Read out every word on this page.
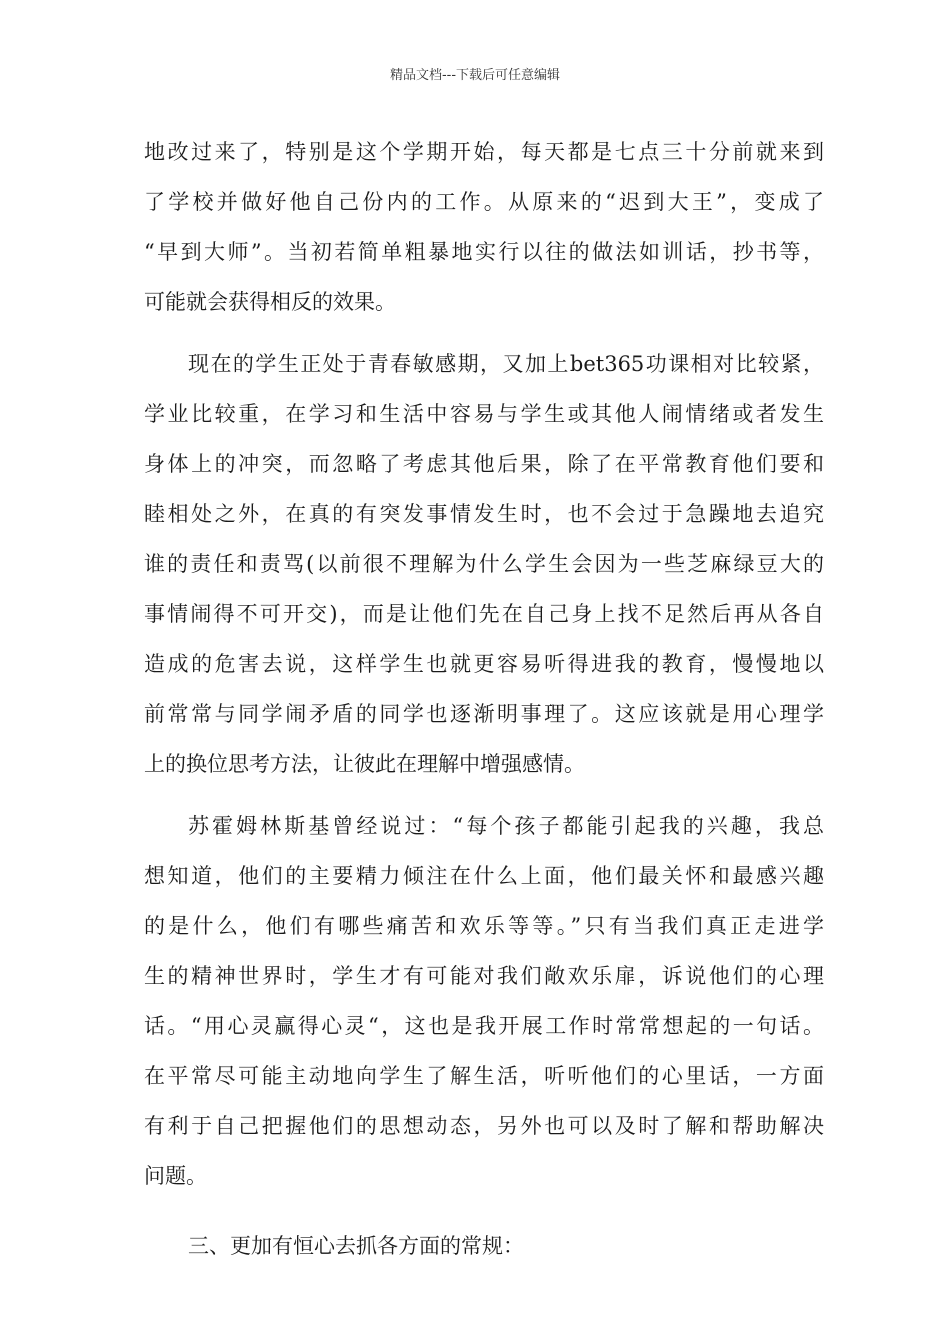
精品文档---下载后可任意编辑
地改过来了，特别是这个学期开始，每天都是七点三十分前就来到
了学校并做好他自己份内的工作。从原来的“迟到大王”，变成了
“早到大师”。当初若简单粗暴地实行以往的做法如训话，抄书等，
可能就会获得相反的效果。
现在的学生正处于青春敏感期，又加上bet365功课相对比较紧，
学业比较重，在学习和生活中容易与学生或其他人闹情绪或者发生
身体上的冲突，而忽略了考虑其他后果，除了在平常教育他们要和
睦相处之外，在真的有突发事情发生时，也不会过于急躁地去追究
谁的责任和责骂(以前很不理解为什么学生会因为一些芝麻绿豆大的
事情闹得不可开交)，而是让他们先在自己身上找不足然后再从各自
造成的危害去说，这样学生也就更容易听得进我的教育，慢慢地以
前常常与同学闹矛盾的同学也逐渐明事理了。这应该就是用心理学
上的换位思考方法，让彼此在理解中增强感情。
苏霍姆林斯基曾经说过：“每个孩子都能引起我的兴趣，我总
想知道，他们的主要精力倾注在什么上面，他们最关怀和最感兴趣
的是什么，他们有哪些痛苦和欢乐等等。”只有当我们真正走进学
生的精神世界时，学生才有可能对我们敞欢乐扉，诉说他们的心理
话。“用心灵赢得心灵“，这也是我开展工作时常常想起的一句话。
在平常尽可能主动地向学生了解生活，听听他们的心里话，一方面
有利于自己把握他们的思想动态，另外也可以及时了解和帮助解决
问题。
三、更加有恒心去抓各方面的常规：
